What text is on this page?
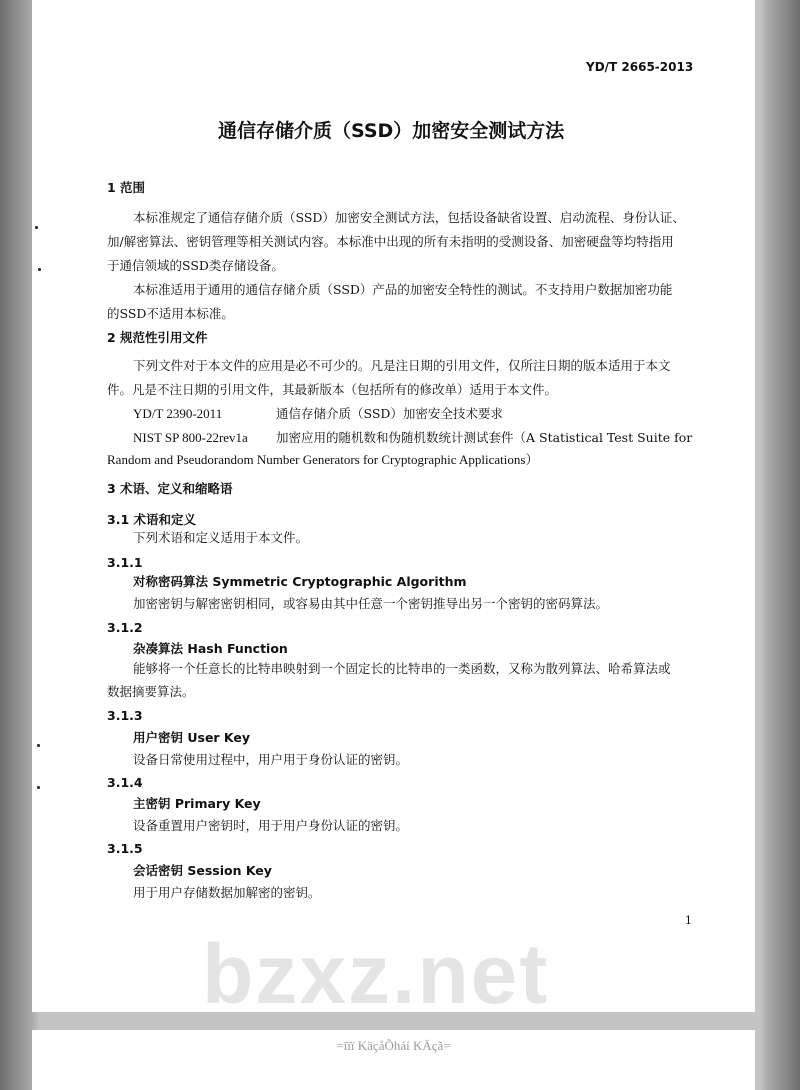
bzxz.net
YD/T 2665-2013
通信存储介质（SSD）加密安全测试方法
1 范围
本标准规定了通信存储介质（SSD）加密安全测试方法，包括设备缺省设置、启动流程、身份认证、
加/解密算法、密钥管理等相关测试内容。本标准中出现的所有未指明的受测设备、加密硬盘等均特指用
于通信领域的SSD类存储设备。
本标准适用于通用的通信存储介质（SSD）产品的加密安全特性的测试。不支持用户数据加密功能
的SSD不适用本标准。
2 规范性引用文件
下列文件对于本文件的应用是必不可少的。凡是注日期的引用文件，仅所注日期的版本适用于本文
件。凡是不注日期的引用文件，其最新版本（包括所有的修改单）适用于本文件。
YD/T 2390-2011	通信存储介质（SSD）加密安全技术要求
NIST SP 800-22rev1a 加密应用的随机数和伪随机数统计测试套件（A Statistical Test Suite for
Random and Pseudorandom Number Generators for Cryptographic Applications）
3 术语、定义和缩略语
3.1 术语和定义
下列术语和定义适用于本文件。
3.1.1
对称密码算法 Symmetric Cryptographic Algorithm
加密密钥与解密密钥相同，或容易由其中任意一个密钥推导出另一个密钥的密码算法。
3.1.2
杂凑算法 Hash Function
能够将一个任意长的比特串映射到一个固定长的比特串的一类函数，又称为散列算法、哈希算法或
数据摘要算法。
3.1.3
用户密钥 User Key
设备日常使用过程中，用户用于身份认证的密钥。
3.1.4
主密钥 Primary Key
设备重置用户密钥时，用于用户身份认证的密钥。
3.1.5
会话密钥 Session Key
用于用户存储数据加解密的密钥。
1
=ïïï KäçåÕháí KÄçã=
